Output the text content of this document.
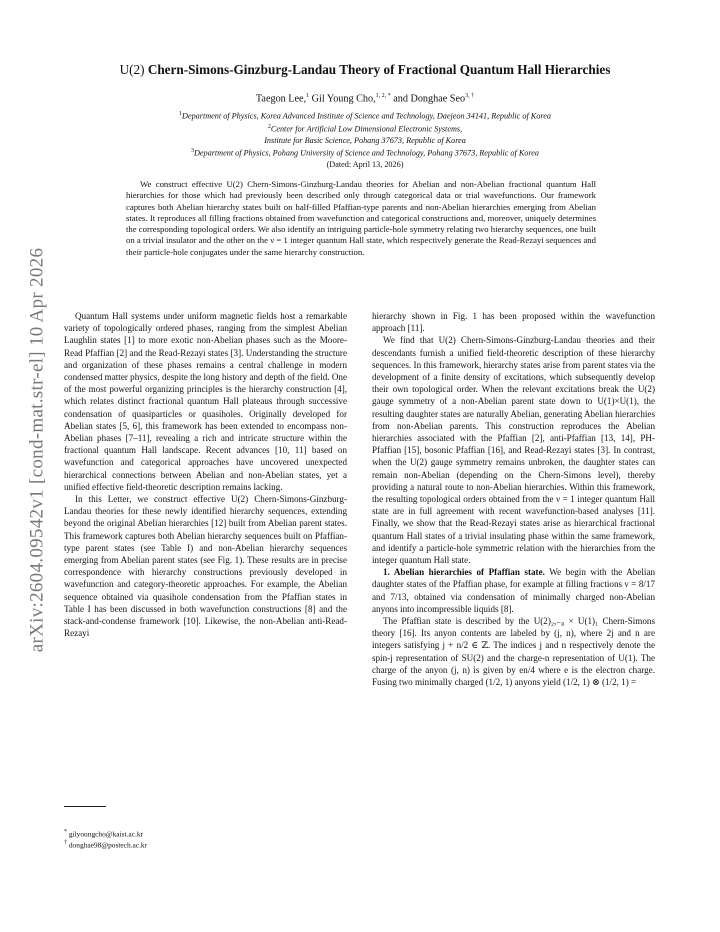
arXiv:2604.09542v1 [cond-mat.str-el] 10 Apr 2026
U(2) Chern-Simons-Ginzburg-Landau Theory of Fractional Quantum Hall Hierarchies
Taegon Lee,$^1$ Gil Young Cho,$^{1, 2, *}$ and Donghae Seo$^{3, \dagger}$
$^1$Department of Physics, Korea Advanced Institute of Science and Technology, Daejeon 34141, Republic of Korea
$^2$Center for Artificial Low Dimensional Electronic Systems,
Institute for Basic Science, Pohang 37673, Republic of Korea
$^3$Department of Physics, Pohang University of Science and Technology, Pohang 37673, Republic of Korea
(Dated: April 13, 2026)

We construct effective U(2) Chern-Simons-Ginzburg-Landau theories for Abelian and non-Abelian fractional quantum Hall hierarchies for those which had previously been described only through categorical data or trial wavefunctions. Our framework captures both Abelian hierarchy states built on half-filled Pfaffian-type parents and non-Abelian hierarchies emerging from Abelian states. It reproduces all filling fractions obtained from wavefunction and categorical constructions and, moreover, uniquely determines the corresponding topological orders. We also identify an intriguing particle-hole symmetry relating two hierarchy sequences, one built on a trivial insulator and the other on the ν = 1 integer quantum Hall state, which respectively generate the Read-Rezayi sequences and their particle-hole conjugates under the same hierarchy construction.

Quantum Hall systems under uniform magnetic fields host a remarkable variety of topologically ordered phases, ranging from the simplest Abelian Laughlin states [1] to more exotic non-Abelian phases such as the Moore-Read Pfaffian [2] and the Read-Rezayi states [3]. Understanding the structure and organization of these phases remains a central challenge in modern condensed matter physics, despite the long history and depth of the field. One of the most powerful organizing principles is the hierarchy construction [4], which relates distinct fractional quantum Hall plateaus through successive condensation of quasiparticles or quasiholes. Originally developed for Abelian states [5, 6], this framework has been extended to encompass non-Abelian phases [7–11], revealing a rich and intricate structure within the fractional quantum Hall landscape. Recent advances [10, 11] based on wavefunction and categorical approaches have uncovered unexpected hierarchical connections between Abelian and non-Abelian states, yet a unified effective field-theoretic description remains lacking.

In this Letter, we construct effective U(2) Chern-Simons-Ginzburg-Landau theories for these newly identified hierarchy sequences, extending beyond the original Abelian hierarchies [12] built from Abelian parent states. This framework captures both Abelian hierarchy sequences built on Pfaffian-type parent states (see Table I) and non-Abelian hierarchy sequences emerging from Abelian parent states (see Fig. 1). These results are in precise correspondence with hierarchy constructions previously developed in wavefunction and category-theoretic approaches. For example, the Abelian sequence obtained via quasihole condensation from the Pfaffian states in Table I has been discussed in both wavefunction constructions [8] and the stack-and-condense framework [10]. Likewise, the non-Abelian anti-Read-Rezayi

hierarchy shown in Fig. 1 has been proposed within the wavefunction approach [11].

We find that U(2) Chern-Simons-Ginzburg-Landau theories and their descendants furnish a unified field-theoretic description of these hierarchy sequences. In this framework, hierarchy states arise from parent states via the development of a finite density of excitations, which subsequently develop their own topological order. When the relevant excitations break the U(2) gauge symmetry of a non-Abelian parent state down to U(1)×U(1), the resulting daughter states are naturally Abelian, generating Abelian hierarchies from non-Abelian parents. This construction reproduces the Abelian hierarchies associated with the Pfaffian [2], anti-Pfaffian [13, 14], PH-Pfaffian [15], bosonic Pfaffian [16], and Read-Rezayi states [3]. In contrast, when the U(2) gauge symmetry remains unbroken, the daughter states can remain non-Abelian (depending on the Chern-Simons level), thereby providing a natural route to non-Abelian hierarchies. Within this framework, the resulting topological orders obtained from the ν = 1 integer quantum Hall state are in full agreement with recent wavefunction-based analyses [11]. Finally, we show that the Read-Rezayi states arise as hierarchical fractional quantum Hall states of a trivial insulating phase within the same framework, and identify a particle-hole symmetric relation with the hierarchies from the integer quantum Hall state.

1. Abelian hierarchies of Pfaffian state. We begin with the Abelian daughter states of the Pfaffian phase, for example at filling fractions ν = 8/17 and 7/13, obtained via condensation of minimally charged non-Abelian anyons into incompressible liquids [8].

The Pfaffian state is described by the U(2)₂,₋₈ × U(1)₁ Chern-Simons theory [16]. Its anyon contents are labeled by (j, n), where 2j and n are integers satisfying j + n/2 ∈ ℤ. The indices j and n respectively denote the spin-j representation of SU(2) and the charge-n representation of U(1). The charge of the anyon (j, n) is given by en/4 where e is the electron charge. Fusing two minimally charged (1/2, 1) anyons yield (1/2, 1) ⊗ (1/2, 1) =

* gilyoungcho@kaist.ac.kr
† donghae98@postech.ac.kr
